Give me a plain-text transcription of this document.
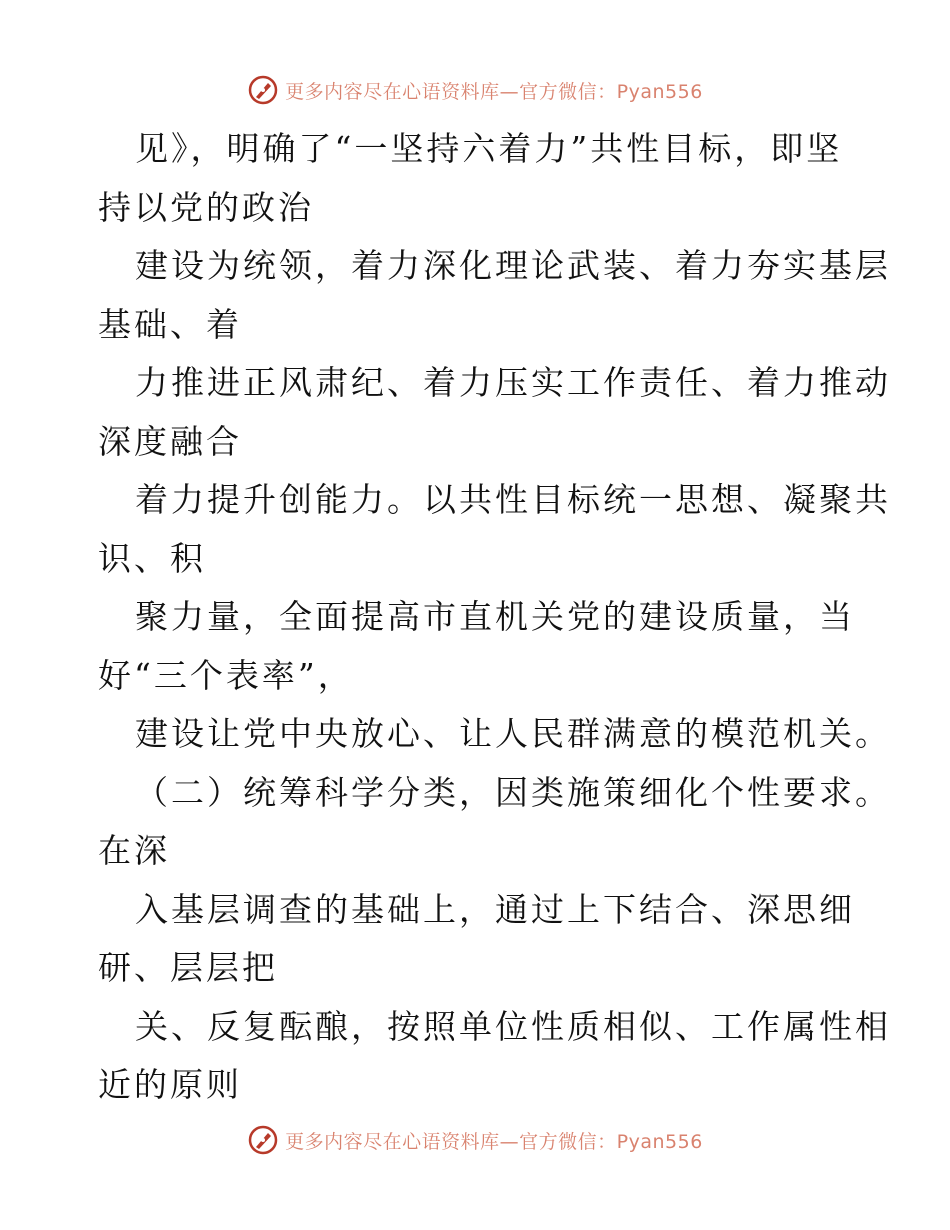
更多内容尽在心语资料库—官方微信：Pyan556
见》，明确了“一坚持六着力”共性目标，即坚
持以党的政治
建设为统领，着力深化理论武装、着力夯实基层
基础、着
力推进正风肃纪、着力压实工作责任、着力推动
深度融合
着力提升创能力。以共性目标统一思想、凝聚共
识、积
聚力量，全面提高市直机关党的建设质量，当
好“三个表率”，
建设让党中央放心、让人民群满意的模范机关。
（二）统筹科学分类，因类施策细化个性要求。
在深
入基层调查的基础上，通过上下结合、深思细
研、层层把
关、反复酝酿，按照单位性质相似、工作属性相
近的原则
更多内容尽在心语资料库—官方微信：Pyan556
